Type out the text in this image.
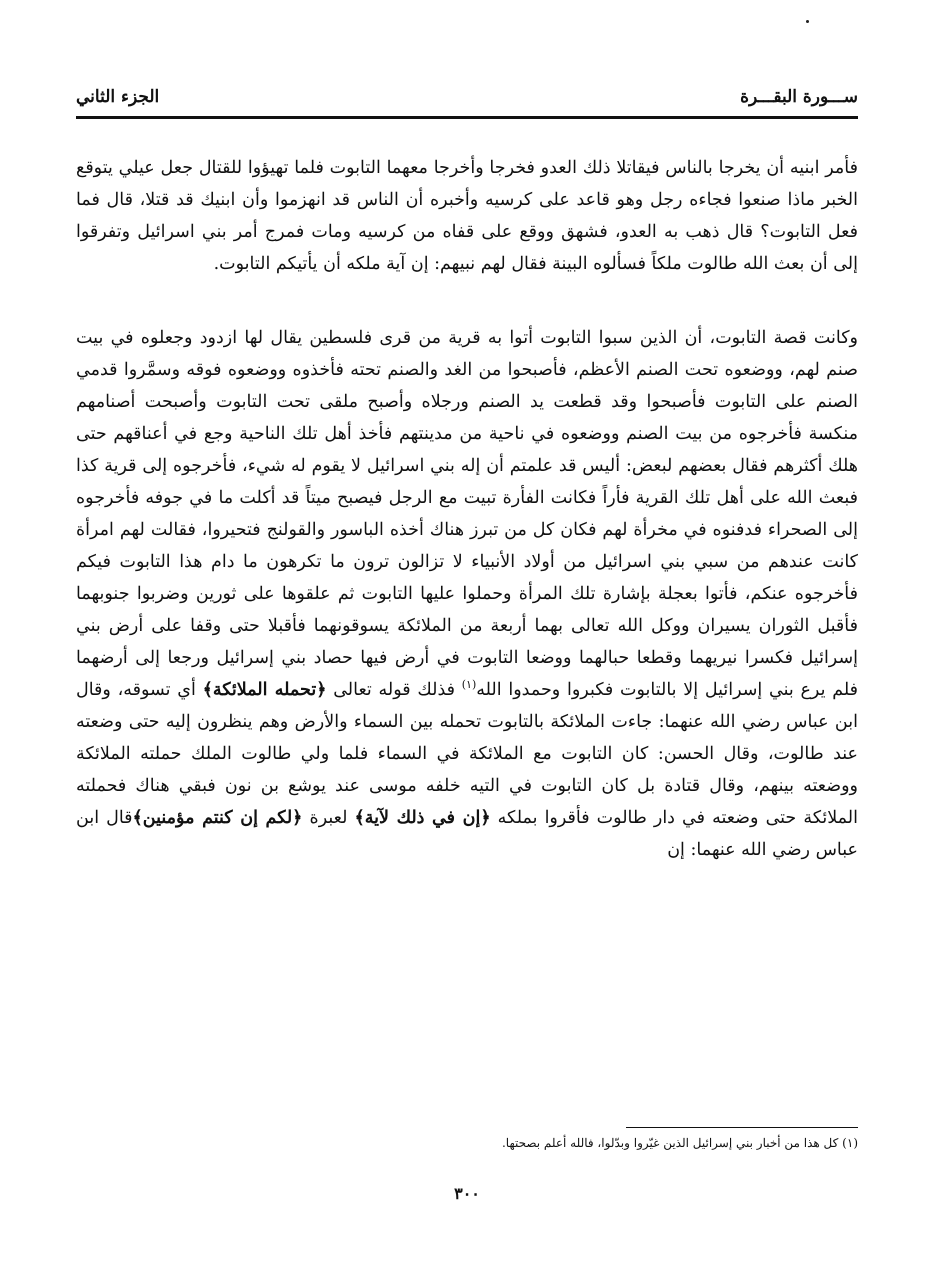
ســـورة البقـــرة
الجزء الثاني

فأمر ابنيه أن يخرجا بالناس فيقاتلا ذلك العدو فخرجا وأخرجا معهما التابوت فلما تهيؤوا للقتال جعل عيلي يتوقع الخبر ماذا صنعوا فجاءه رجل وهو قاعد على كرسيه وأخبره أن الناس قد انهزموا وأن ابنيك قد قتلا، قال فما فعل التابوت؟ قال ذهب به العدو، فشهق ووقع على قفاه من كرسيه ومات فمرج أمر بني اسرائيل وتفرقوا إلى أن بعث الله طالوت ملكاً فسألوه البينة فقال لهم نبيهم: إن آية ملكه أن يأتيكم التابوت.

وكانت قصة التابوت، أن الذين سبوا التابوت أتوا به قرية من قرى فلسطين يقال لها ازدود وجعلوه في بيت صنم لهم، ووضعوه تحت الصنم الأعظم، فأصبحوا من الغد والصنم تحته فأخذوه ووضعوه فوقه وسمَّروا قدمي الصنم على التابوت فأصبحوا وقد قطعت يد الصنم ورجلاه وأصبح ملقى تحت التابوت وأصبحت أصنامهم منكسة فأخرجوه من بيت الصنم ووضعوه في ناحية من مدينتهم فأخذ أهل تلك الناحية وجع في أعناقهم حتى هلك أكثرهم فقال بعضهم لبعض: أليس قد علمتم أن إله بني اسرائيل لا يقوم له شيء، فأخرجوه إلى قرية كذا فبعث الله على أهل تلك القرية فأراً فكانت الفأرة تبيت مع الرجل فيصبح ميتاً قد أكلت ما في جوفه فأخرجوه إلى الصحراء فدفنوه في مخرأة لهم فكان كل من تبرز هناك أخذه الباسور والقولنج فتحيروا، فقالت لهم امرأة كانت عندهم من سبي بني اسرائيل من أولاد الأنبياء لا تزالون ترون ما تكرهون ما دام هذا التابوت فيكم فأخرجوه عنكم، فأتوا بعجلة بإشارة تلك المرأة وحملوا عليها التابوت ثم علقوها على ثورين وضربوا جنوبهما فأقبل الثوران يسيران ووكل الله تعالى بهما أربعة من الملائكة يسوقونهما فأقبلا حتى وقفا على أرض بني إسرائيل فكسرا نيريهما وقطعا حبالهما ووضعا التابوت في أرض فيها حصاد بني إسرائيل ورجعا إلى أرضهما فلم يرع بني إسرائيل إلا بالتابوت فكبروا وحمدوا الله$^{(١)}$ فذلك قوله تعالى ﴿تحمله الملائكة﴾ أي تسوقه، وقال ابن عباس رضي الله عنهما: جاءت الملائكة بالتابوت تحمله بين السماء والأرض وهم ينظرون إليه حتى وضعته عند طالوت، وقال الحسن: كان التابوت مع الملائكة في السماء فلما ولي طالوت الملك حملته الملائكة ووضعته بينهم، وقال قتادة بل كان التابوت في التيه خلفه موسى عند يوشع بن نون فبقي هناك فحملته الملائكة حتى وضعته في دار طالوت فأقروا بملكه ﴿إن في ذلك لآية﴾ لعبرة ﴿لكم إن كنتم مؤمنين﴾قال ابن عباس رضي الله عنهما: إن

(١) كل هذا من أخبار بني إسرائيل الذين غيّروا وبدّلوا، فالله أعلم بصحتها.
٣٠٠
